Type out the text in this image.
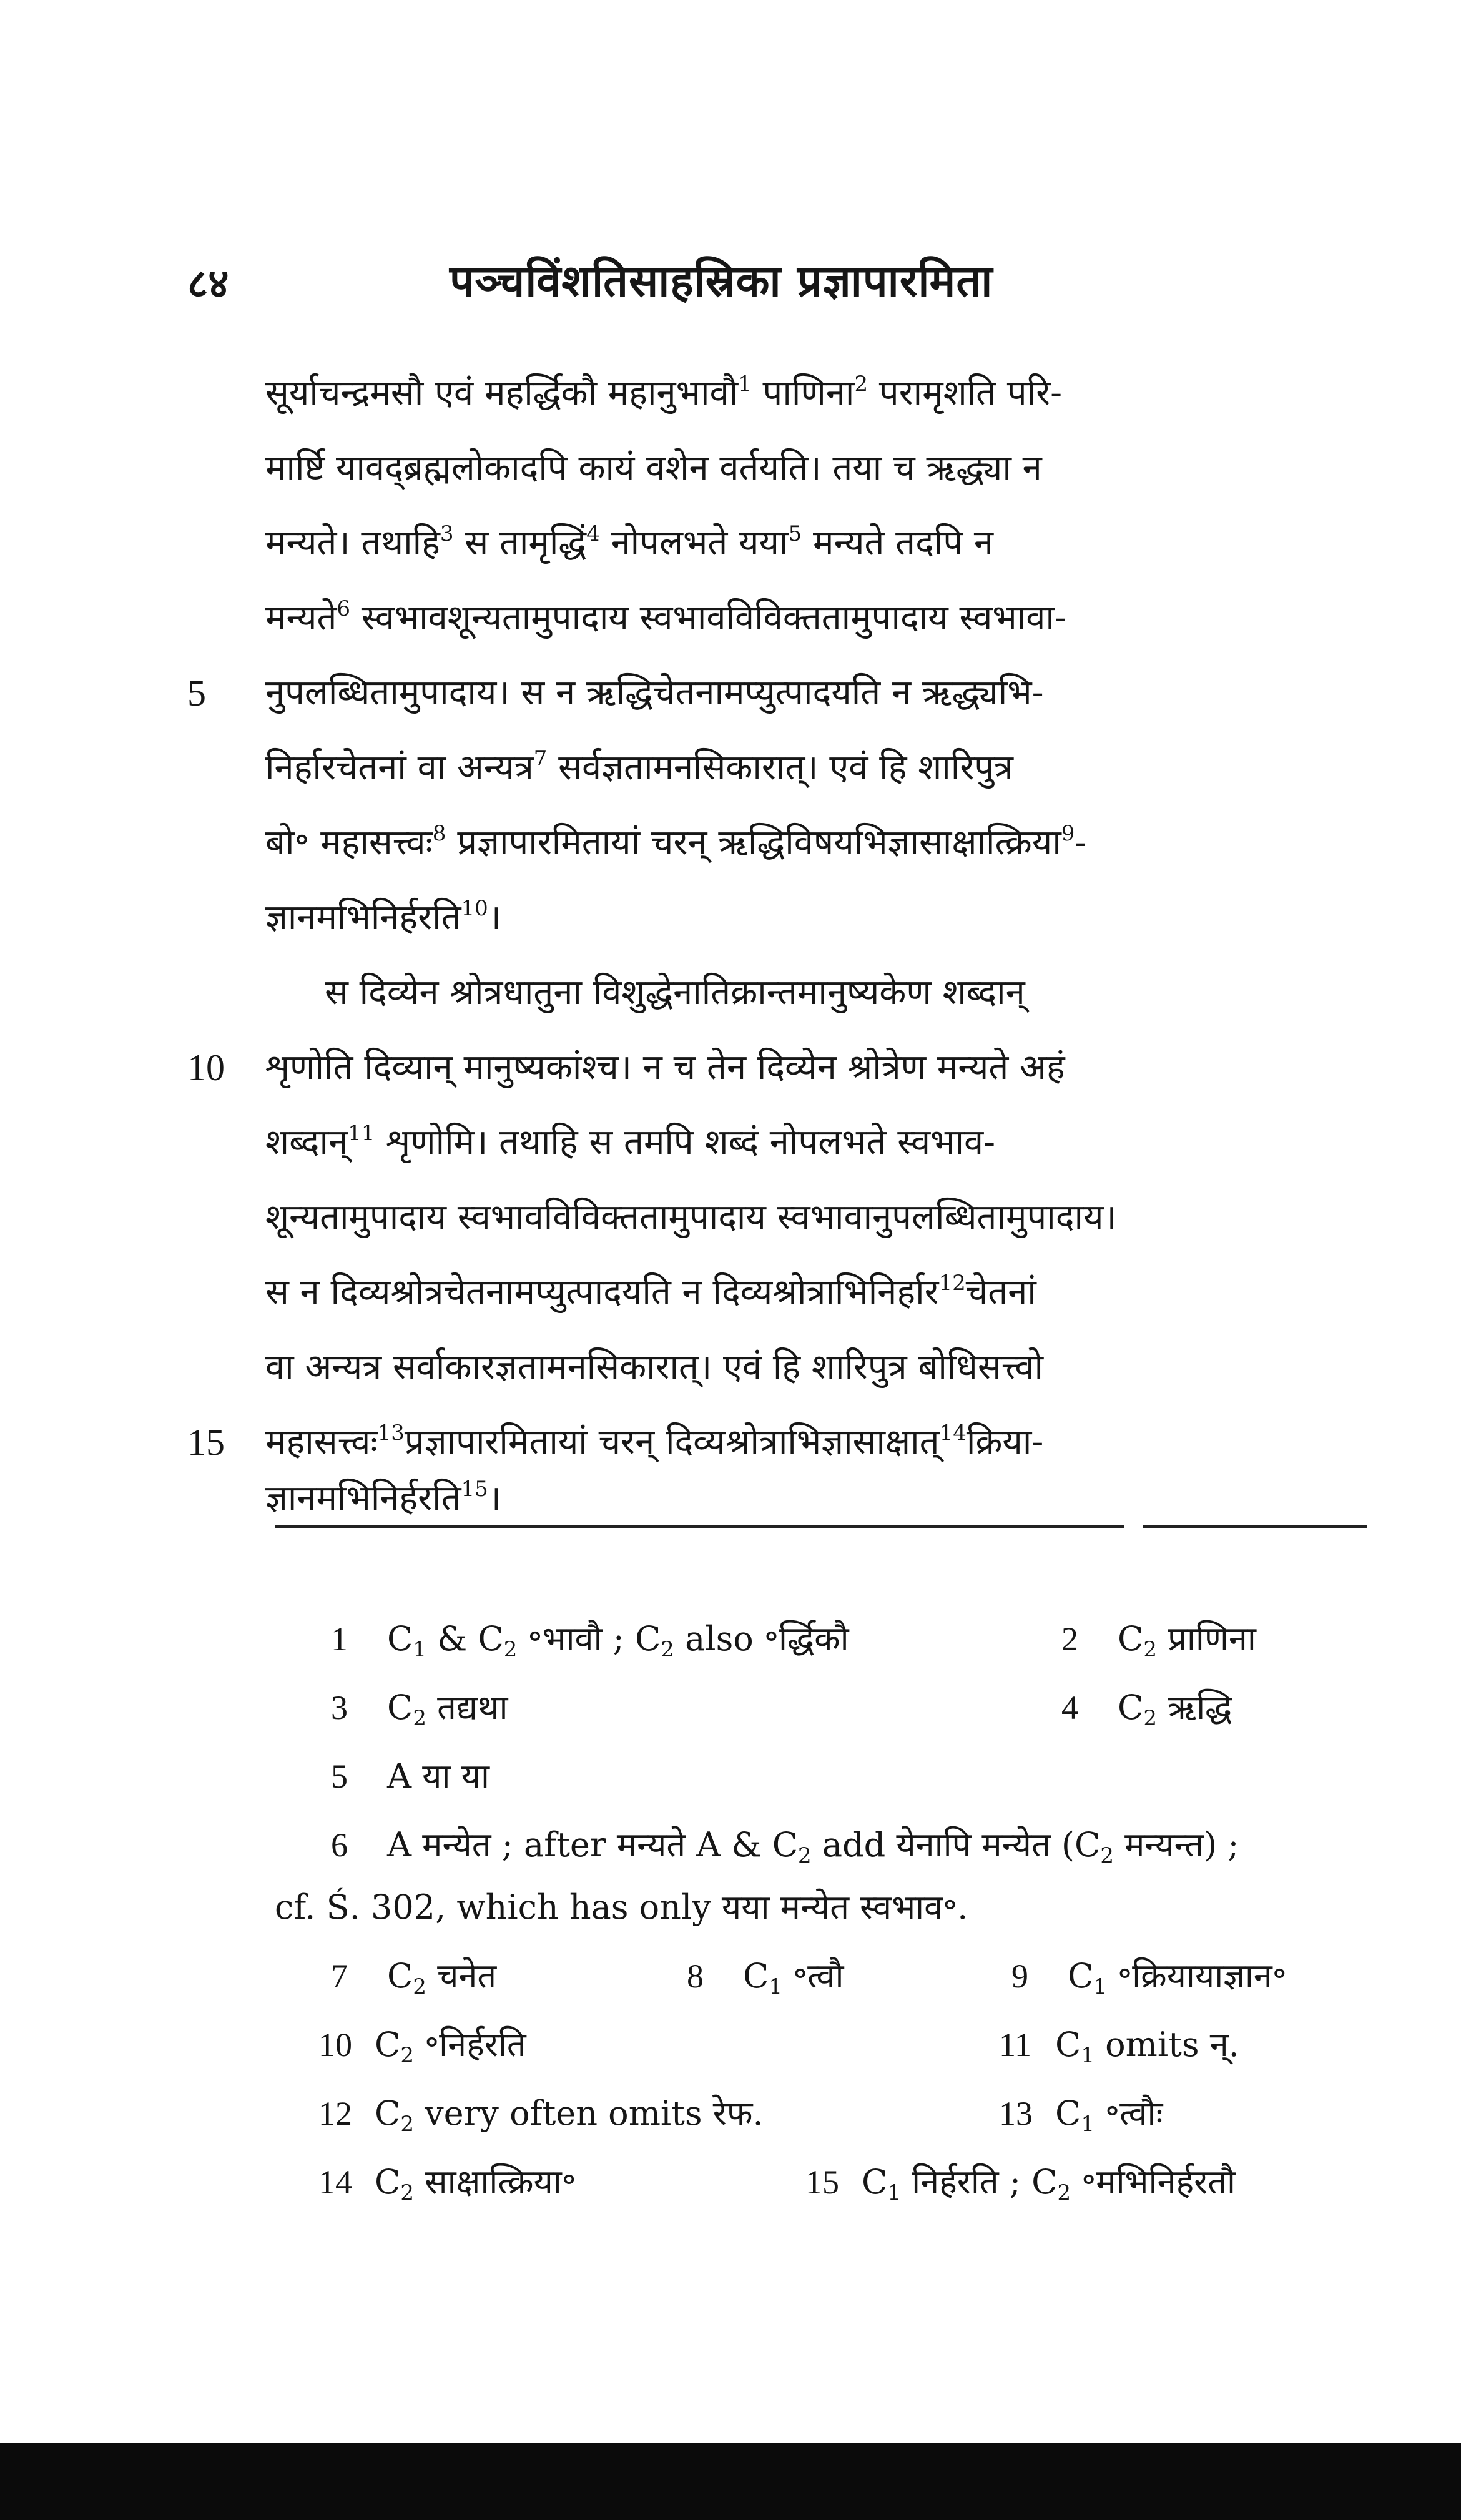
८४	पञ्चविंशतिसाहस्रिका प्रज्ञापारमिता
सूर्याचन्द्रमसौ एवं महर्द्धिकौ महानुभावौ$^1$ पाणिना$^2$ परामृशति परि-
मार्ष्टि यावद्ब्रह्मलोकादपि कायं वशेन वर्तयति। तया च ऋद्ध्या न
मन्यते। तथाहि$^3$ स तामृद्धिं$^4$ नोपलभते यया$^5$ मन्यते तदपि न
मन्यते$^6$ स्वभावशून्यतामुपादाय स्वभावविविक्ततामुपादाय स्वभावा-
5 नुपलब्धितामुपादाय। स न ऋद्धिचेतनामप्युत्पादयति न ऋद्ध्यभि-
निर्हारचेतनां वा अन्यत्र$^7$ सर्वज्ञतामनसिकारात्। एवं हि शारिपुत्र
बो॰ महासत्त्वः$^8$ प्रज्ञापारमितायां चरन् ऋद्धिविषयभिज्ञासाक्षात्क्रिया$^9$-
ज्ञानमभिनिर्हरति$^{10}$।
स दिव्येन श्रोत्रधातुना विशुद्धेनातिक्रान्तमानुष्यकेण शब्दान्
10 शृणोति दिव्यान् मानुष्यकांश्च। न च तेन दिव्येन श्रोत्रेण मन्यते अहं
शब्दान्$^{11}$ शृणोमि। तथाहि स तमपि शब्दं नोपलभते स्वभाव-
शून्यतामुपादाय स्वभावविविक्ततामुपादाय स्वभावानुपलब्धितामुपादाय।
स न दिव्यश्रोत्रचेतनामप्युत्पादयति न दिव्यश्रोत्राभिनिर्हार$^{12}$चेतनां
वा अन्यत्र सर्वाकारज्ञतामनसिकारात्। एवं हि शारिपुत्र बोधिसत्त्वो
15 महासत्त्वः$^{13}$प्रज्ञापारमितायां चरन् दिव्यश्रोत्राभिज्ञासाक्षात्$^{14}$क्रिया-
ज्ञानमभिनिर्हरति$^{15}$।
1 $C_1$ & $C_2$ ॰भावौ ; $C_2$ also ॰र्द्धिकौ	2 $C_2$ प्राणिना
3 $C_2$ तद्यथा	4 $C_2$ ऋद्धि
5 A या या
6 A मन्येत ; after मन्यते A & $C_2$ add येनापि मन्येत ($C_2$ मन्यन्त) ;
cf. Ś. 302, which has only यया मन्येत स्वभाव॰.
7 $C_2$ चनेत	8 $C_1$ ॰त्वौ	9 $C_1$ ॰क्रियायाज्ञान॰
10 $C_2$ ॰निर्हरति	11 $C_1$ omits न्.
12 $C_2$ very often omits रेफ.	13 $C_1$ ॰त्वौः
14 $C_2$ साक्षात्क्रिया॰	15 $C_1$ निर्हरति ; $C_2$ ॰मभिनिर्हरतौ
